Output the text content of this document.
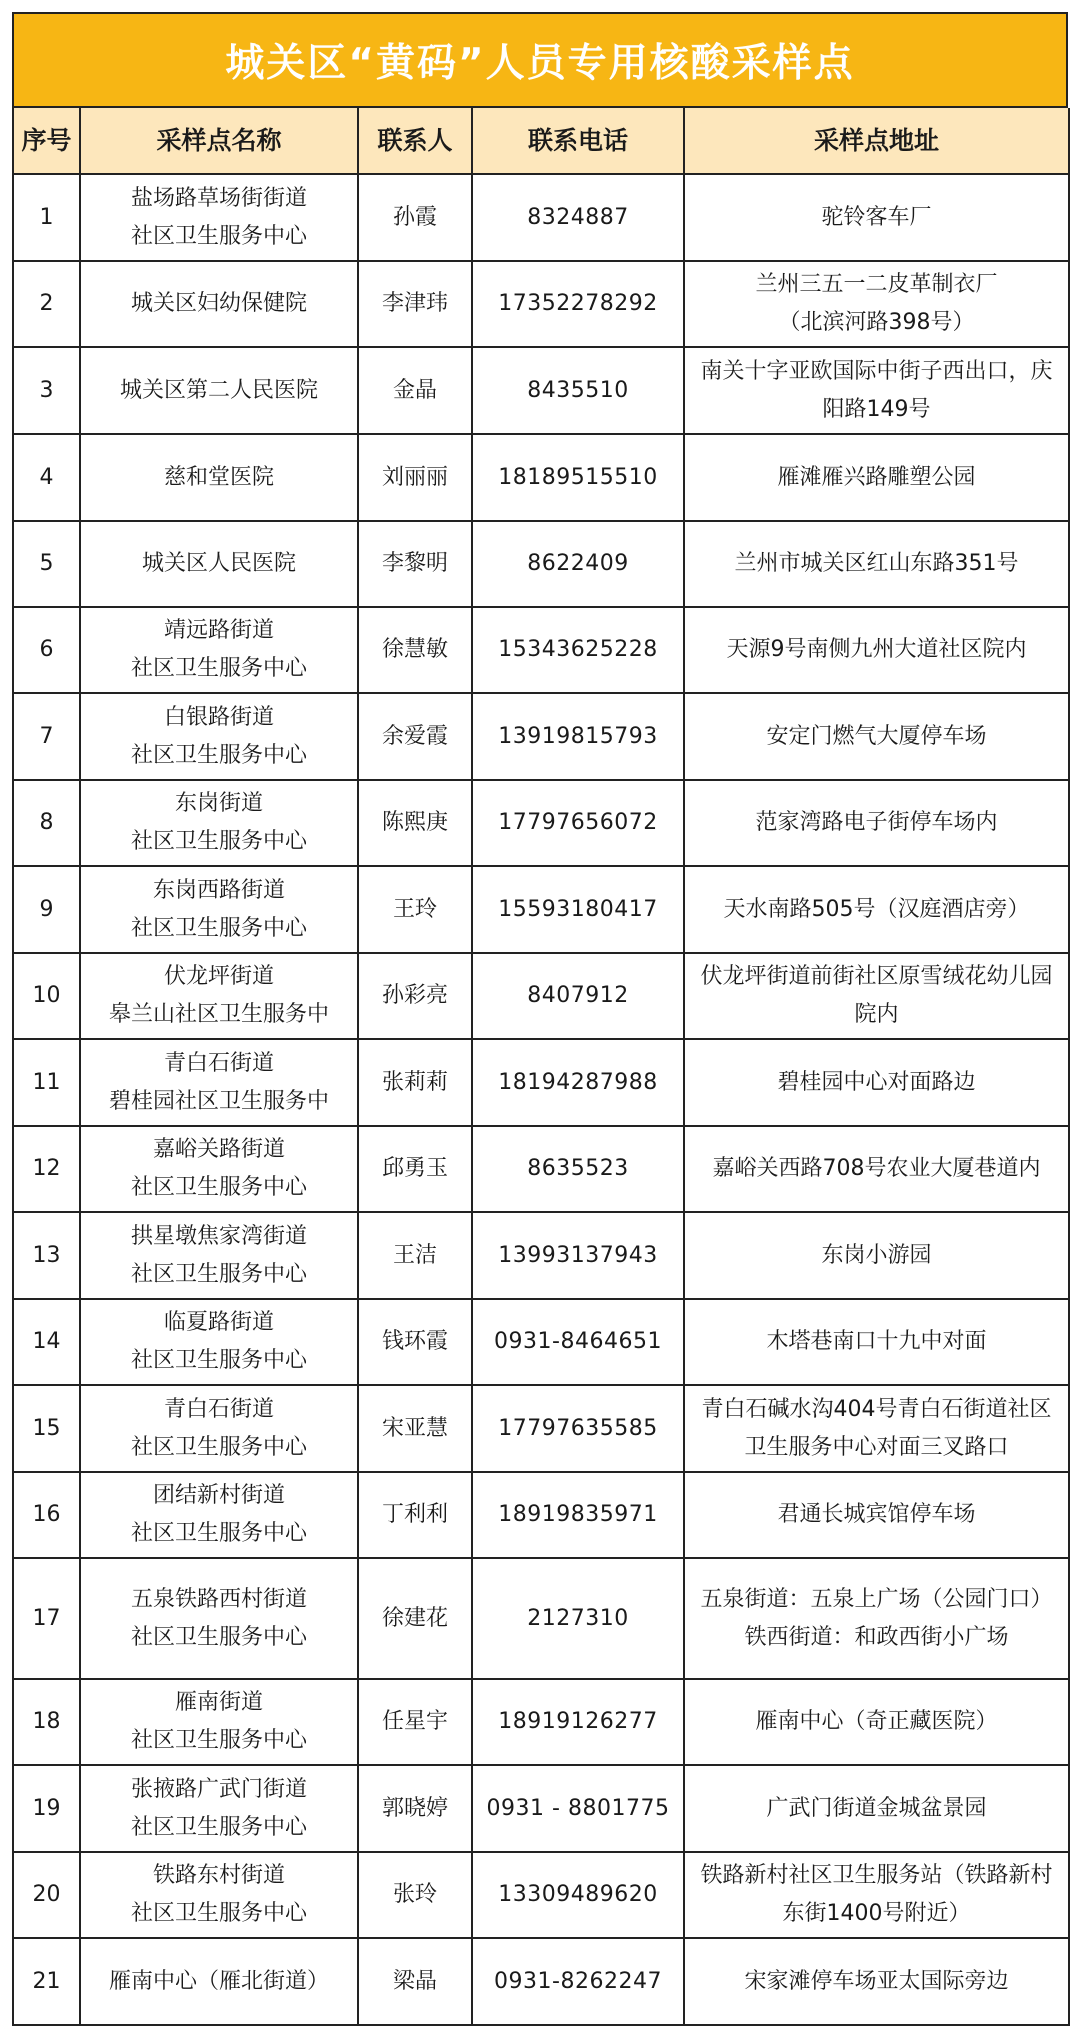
城关区“黄码”人员专用核酸采样点
序号	采样点名称	联系人	联系电话	采样点地址
1	盐场路草场街街道
社区卫生服务中心	孙霞	8324887	驼铃客车厂

2	城关区妇幼保健院	李津玮	17352278292	兰州三五一二皮革制衣厂
（北滨河路398号）

3	城关区第二人民医院	金晶	8435510	南关十字亚欧国际中街子西出口，庆
阳路149号

4	慈和堂医院	刘丽丽	18189515510	雁滩雁兴路雕塑公园

5	城关区人民医院	李黎明	8622409	兰州市城关区红山东路351号

6	靖远路街道
社区卫生服务中心	徐慧敏	15343625228	天源9号南侧九州大道社区院内

7	白银路街道
社区卫生服务中心	余爱霞	13919815793	安定门燃气大厦停车场

8	东岗街道
社区卫生服务中心	陈熙庚	17797656072	范家湾路电子街停车场内

9	东岗西路街道
社区卫生服务中心	王玲	15593180417	天水南路505号（汉庭酒店旁）

10	伏龙坪街道
皋兰山社区卫生服务中	孙彩亮	8407912	伏龙坪街道前街社区原雪绒花幼儿园
院内

11	青白石街道
碧桂园社区卫生服务中	张莉莉	18194287988	碧桂园中心对面路边

12	嘉峪关路街道
社区卫生服务中心	邱勇玉	8635523	嘉峪关西路708号农业大厦巷道内

13	拱星墩焦家湾街道
社区卫生服务中心	王洁	13993137943	东岗小游园

14	临夏路街道
社区卫生服务中心	钱环霞	0931-8464651	木塔巷南口十九中对面

15	青白石街道
社区卫生服务中心	宋亚慧	17797635585	青白石碱水沟404号青白石街道社区
卫生服务中心对面三叉路口

16	团结新村街道
社区卫生服务中心	丁利利	18919835971	君通长城宾馆停车场

17	五泉铁路西村街道
社区卫生服务中心	徐建花	2127310	五泉街道：五泉上广场（公园门口）
铁西街道：和政西街小广场

18	雁南街道
社区卫生服务中心	任星宇	18919126277	雁南中心（奇正藏医院）

19	张掖路广武门街道
社区卫生服务中心	郭晓婷	0931 - 8801775	广武门街道金城盆景园

20	铁路东村街道
社区卫生服务中心	张玲	13309489620	铁路新村社区卫生服务站（铁路新村
东街1400号附近）

21	雁南中心（雁北街道）	梁晶	0931-8262247	宋家滩停车场亚太国际旁边
